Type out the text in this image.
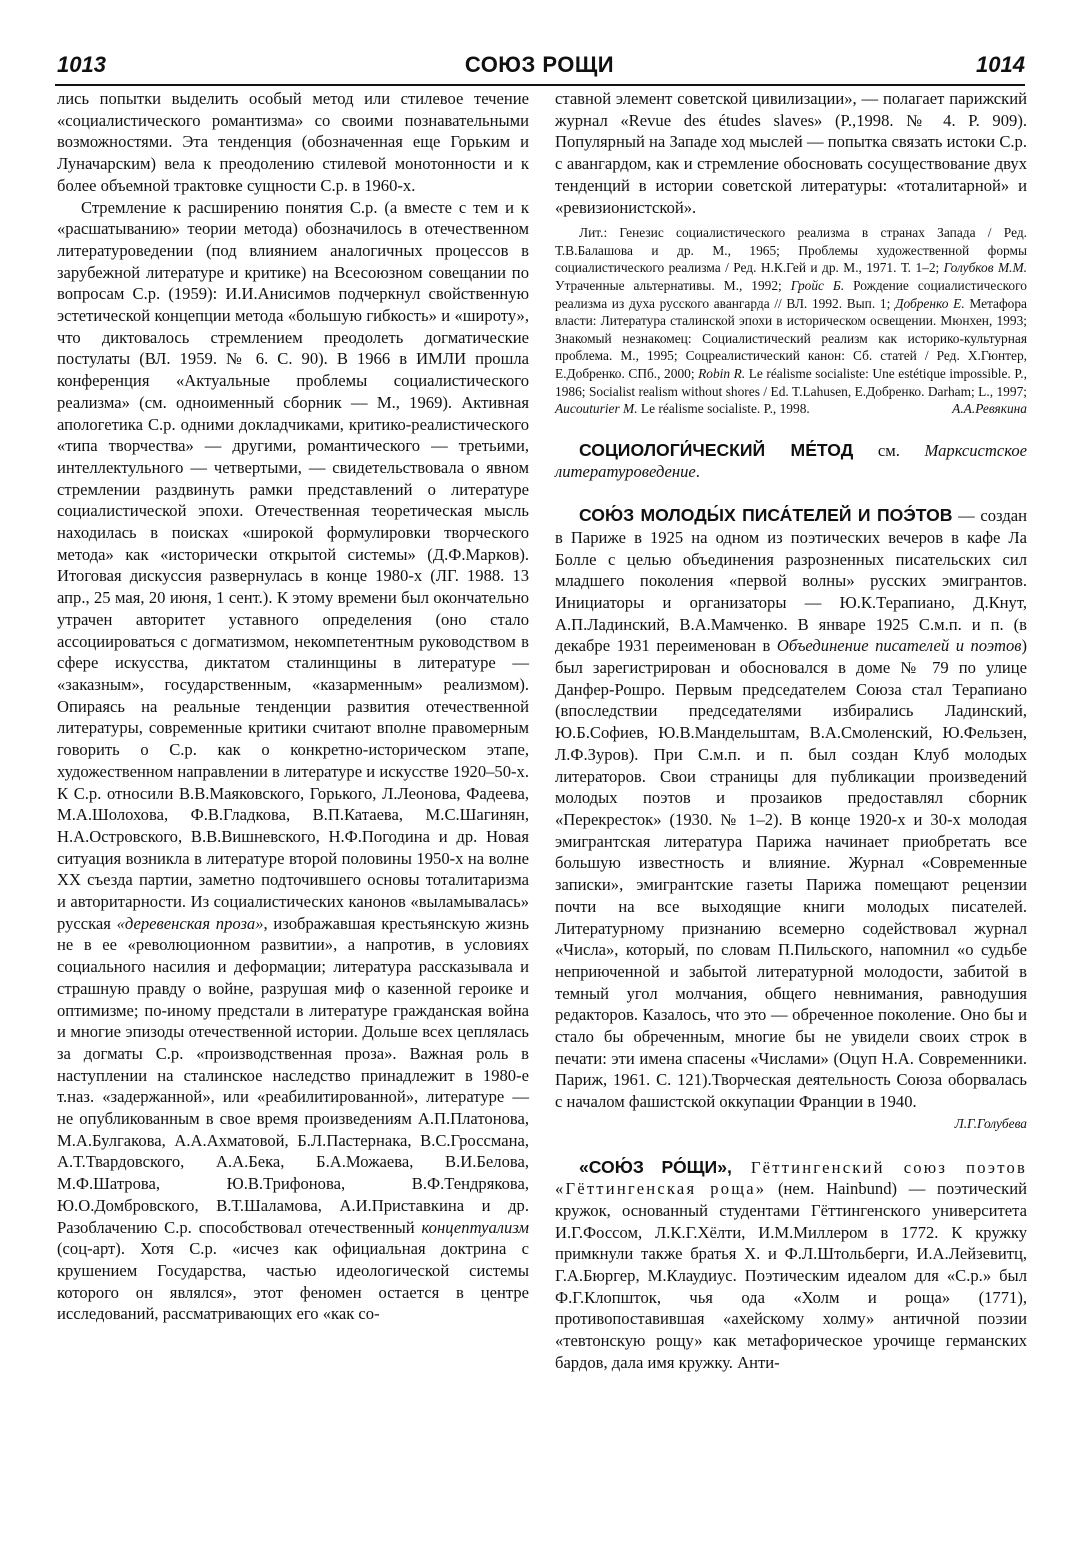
1013	СОЮЗ РОЩИ	1014

лись попытки выделить особый метод или стилевое течение «социалистического романтизма» со своими познавательными возможностями. Эта тенденция (обозначенная еще Горьким и Луначарским) вела к преодолению стилевой монотонности и к более объемной трактовке сущности С.р. в 1960-х.

Стремление к расширению понятия С.р. (а вместе с тем и к «расшатыванию» теории метода) обозначилось в отечественном литературоведении (под влиянием аналогичных процессов в зарубежной литературе и критике) на Всесоюзном совещании по вопросам С.р. (1959): И.И.Анисимов подчеркнул свойственную эстетической концепции метода «большую гибкость» и «широту», что диктовалось стремлением преодолеть догматические постулаты (ВЛ. 1959. № 6. С. 90). В 1966 в ИМЛИ прошла конференция «Актуальные проблемы социалистического реализма» (см. одноименный сборник — М., 1969). Активная апологетика С.р. одними докладчиками, критико-реалистического «типа творчества» — другими, романтического — третьими, интеллектульного — четвертыми, — свидетельствовала о явном стремлении раздвинуть рамки представлений о литературе социалистической эпохи. Отечественная теоретическая мысль находилась в поисках «широкой формулировки творческого метода» как «исторически открытой системы» (Д.Ф.Марков). Итоговая дискуссия развернулась в конце 1980-х (ЛГ. 1988. 13 апр., 25 мая, 20 июня, 1 сент.). К этому времени был окончательно утрачен авторитет уставного определения (оно стало ассоциироваться с догматизмом, некомпетентным руководством в сфере искусства, диктатом сталинщины в литературе — «заказным», государственным, «казарменным» реализмом). Опираясь на реальные тенденции развития отечественной литературы, современные критики считают вполне правомерным говорить о С.р. как о конкретно-историческом этапе, художественном направлении в литературе и искусстве 1920–50-х. К С.р. относили В.В.Маяковского, Горького, Л.Леонова, Фадеева, М.А.Шолохова, Ф.В.Гладкова, В.П.Катаева, М.С.Шагинян, Н.А.Островского, В.В.Вишневского, Н.Ф.Погодина и др. Новая ситуация возникла в литературе второй половины 1950-х на волне XX съезда партии, заметно подточившего основы тоталитаризма и авторитарности. Из социалистических канонов «выламывалась» русская «деревенская проза», изображавшая крестьянскую жизнь не в ее «революционном развитии», а напротив, в условиях социального насилия и деформации; литература рассказывала и страшную правду о войне, разрушая миф о казенной героике и оптимизме; по-иному предстали в литературе гражданская война и многие эпизоды отечественной истории. Дольше всех цеплялась за догматы С.р. «производственная проза». Важная роль в наступлении на сталинское наследство принадлежит в 1980-е т.наз. «задержанной», или «реабилитированной», литературе — не опубликованным в свое время произведениям А.П.Платонова, М.А.Булгакова, А.А.Ахматовой, Б.Л.Пастернака, В.С.Гроссмана, А.Т.Твардовского, А.А.Бека, Б.А.Можаева, В.И.Белова, М.Ф.Шатрова, Ю.В.Трифонова, В.Ф.Тендрякова, Ю.О.Домбровского, В.Т.Шаламова, А.И.Приставкина и др. Разоблачению С.р. способствовал отечественный концептуализм (соц-арт). Хотя С.р. «исчез как официальная доктрина с крушением Государства, частью идеологической системы которого он являлся», этот феномен остается в центре исследований, рассматривающих его «как со-

ставной элемент советской цивилизации», — полагает парижский журнал «Revue des études slaves» (P.,1998. № 4. P. 909). Популярный на Западе ход мыслей — попытка связать истоки С.р. с авангардом, как и стремление обосновать сосуществование двух тенденций в истории советской литературы: «тоталитарной» и «ревизионистской».

Лит.: Генезис социалистического реализма в странах Запада / Ред. Т.В.Балашова и др. М., 1965; Проблемы художественной формы социалистического реализма / Ред. Н.К.Гей и др. М., 1971. Т. 1–2; Голубков М.М. Утраченные альтернативы. М., 1992; Гройс Б. Рождение социалистического реализма из духа русского авангарда // ВЛ. 1992. Вып. 1; Добренко Е. Метафора власти: Литература сталинской эпохи в историческом освещении. Мюнхен, 1993; Знакомый незнакомец: Социалистический реализм как историко-культурная проблема. М., 1995; Соцреалистический канон: Сб. статей / Ред. Х.Гюнтер, Е.Добренко. СПб., 2000; Robin R. Le réalisme socialiste: Une estétique impossible. P., 1986; Socialist realism without shores / Ed. T.Lahusen, E.Добренко. Darham; L., 1997; Aucouturier M. Le réalisme socialiste. P., 1998.	А.А.Ревякина

СОЦИОЛОГИ́ЧЕСКИЙ МЕ́ТОД см. Марксистское литературоведение.

СОЮ́З МОЛОДЫ́Х ПИСА́ТЕЛЕЙ И ПОЭ́ТОВ — создан в Париже в 1925 на одном из поэтических вечеров в кафе Ла Болле с целью объединения разрозненных писательских сил младшего поколения «первой волны» русских эмигрантов. Инициаторы и организаторы — Ю.К.Терапиано, Д.Кнут, А.П.Ладинский, В.А.Мамченко. В январе 1925 С.м.п. и п. (в декабре 1931 переименован в Объединение писателей и поэтов) был зарегистрирован и обосновался в доме № 79 по улице Данфер-Рошро. Первым председателем Союза стал Терапиано (впоследствии председателями избирались Ладинский, Ю.Б.Софиев, Ю.В.Мандельштам, В.А.Смоленский, Ю.Фельзен, Л.Ф.Зуров). При С.м.п. и п. был создан Клуб молодых литераторов. Свои страницы для публикации произведений молодых поэтов и прозаиков предоставлял сборник «Перекресток» (1930. № 1–2). В конце 1920-х и 30-х молодая эмигрантская литература Парижа начинает приобретать все большую известность и влияние. Журнал «Современные записки», эмигрантские газеты Парижа помещают рецензии почти на все выходящие книги молодых писателей. Литературному признанию всемерно содействовал журнал «Числа», который, по словам П.Пильского, напомнил «о судьбе неприюченной и забытой литературной молодости, забитой в темный угол молчания, общего невнимания, равнодушия редакторов. Казалось, что это — обреченное поколение. Оно бы и стало бы обреченным, многие бы не увидели своих строк в печати: эти имена спасены «Числами» (Оцуп Н.А. Современники. Париж, 1961. С. 121).Творческая деятельность Союза оборвалась с началом фашистской оккупации Франции в 1940.

Л.Г.Голубева

«СОЮ́З РО́ЩИ», Гёттингенский союз поэтов «Гёттингенская роща» (нем. Hainbund) — поэтический кружок, основанный студентами Гёттингенского университета И.Г.Фоссом, Л.К.Г.Хёлти, И.М.Миллером в 1772. К кружку примкнули также братья Х. и Ф.Л.Штольберги, И.А.Лейзевитц, Г.А.Бюргер, М.Клаудиус. Поэтическим идеалом для «С.р.» был Ф.Г.Клопшток, чья ода «Холм и роща» (1771), противопоставившая «ахейскому холму» античной поэзии «тевтонскую рощу» как метафорическое урочище германских бардов, дала имя кружку. Анти-
